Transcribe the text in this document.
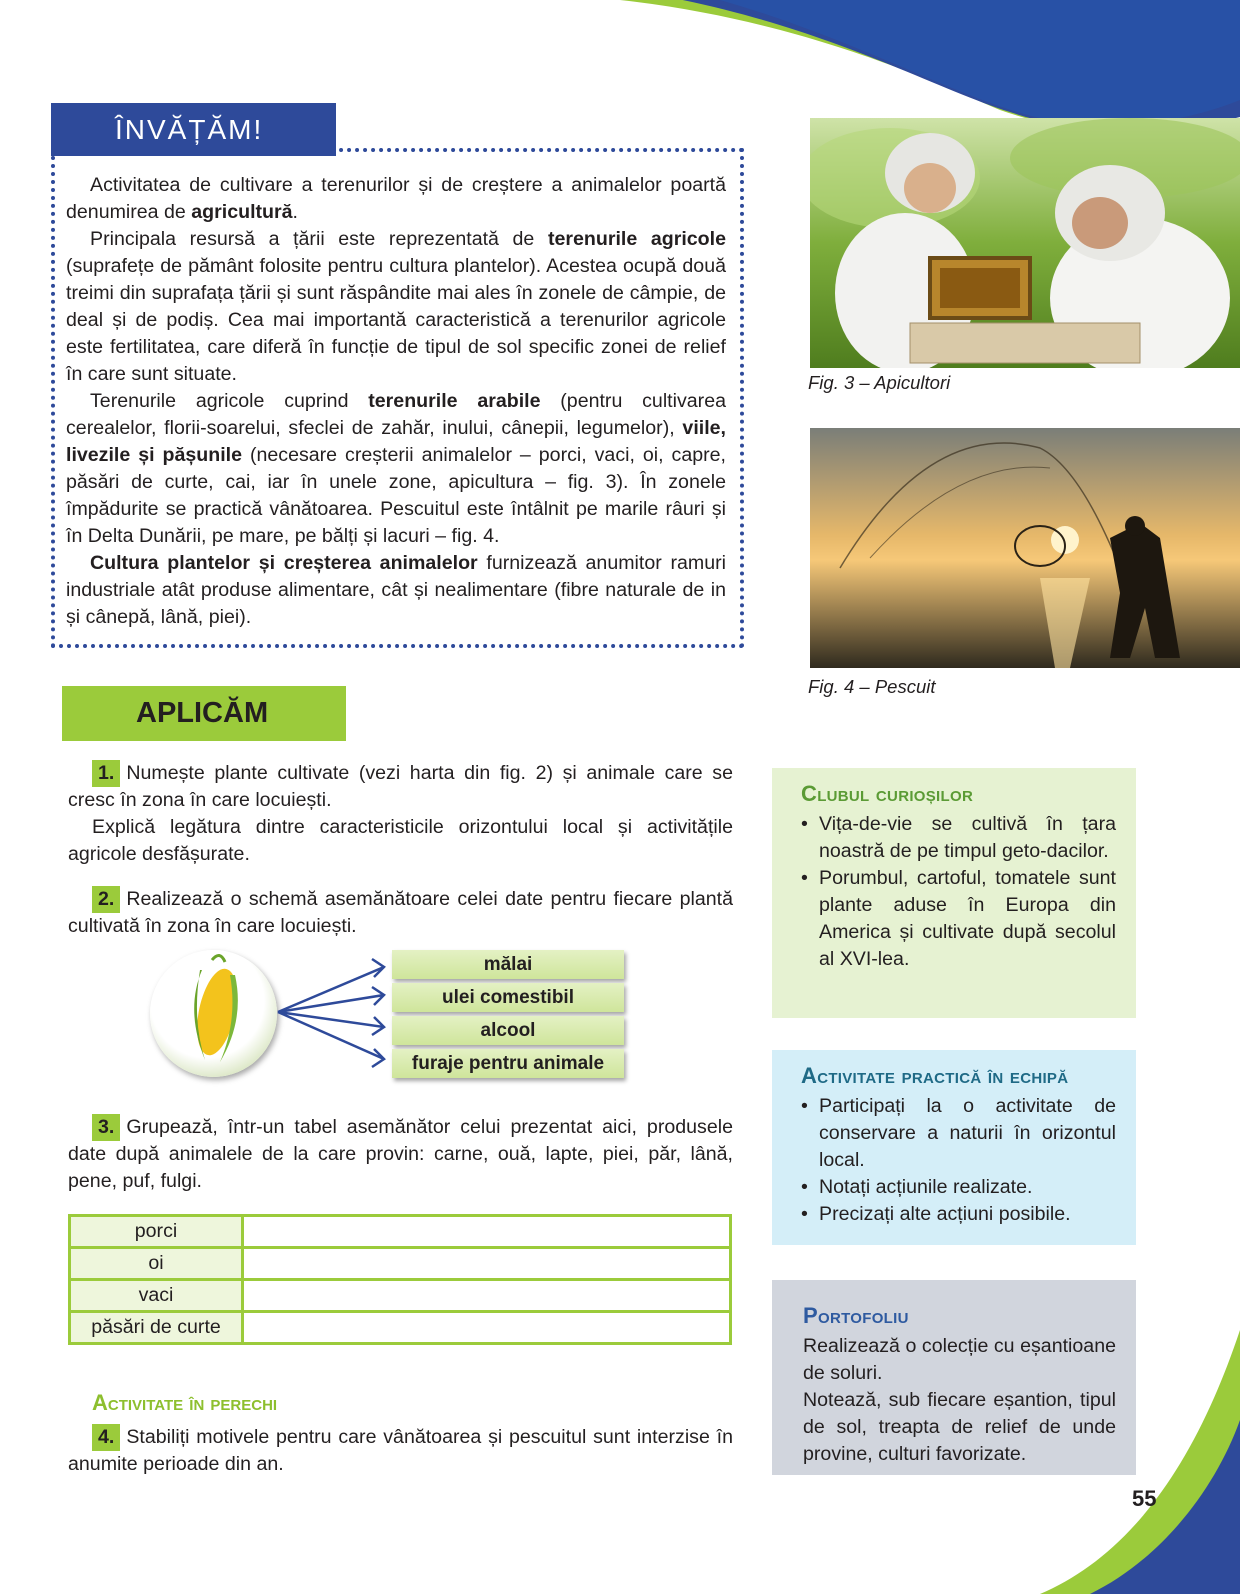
ÎNVĂȚĂM!

Activitatea de cultivare a terenurilor și de creștere a animalelor poartă denumirea de agricultură.

Principala resursă a țării este reprezentată de terenurile agricole (suprafețe de pământ folosite pentru cultura plantelor). Acestea ocupă două treimi din suprafața țării și sunt răspândite mai ales în zonele de câmpie, de deal și de podiș. Cea mai importantă caracteristică a terenurilor agricole este fertilitatea, care diferă în funcție de tipul de sol specific zonei de relief în care sunt situate.

Terenurile agricole cuprind terenurile arabile (pentru cultivarea cerealelor, florii-soarelui, sfeclei de zahăr, inului, cânepii, legumelor), viile, livezile și pășunile (necesare creșterii animalelor – porci, vaci, oi, capre, păsări de curte, cai, iar în unele zone, apicultura – fig. 3). În zonele împădurite se practică vânătoarea. Pescuitul este întâlnit pe marile râuri și în Delta Dunării, pe mare, pe bălți și lacuri – fig. 4.

Cultura plantelor și creșterea animalelor furnizează anumitor ramuri industriale atât produse alimentare, cât și nealimentare (fibre naturale de in și cânepă, lână, piei).

Fig. 3 – Apicultori
Fig. 4 – Pescuit
APLICĂM

1. Numește plante cultivate (vezi harta din fig. 2) și animale care se cresc în zona în care locuiești.

Explică legătura dintre caracteristicile orizontului local și activitățile agricole desfășurate.

2. Realizează o schemă asemănătoare celei date pentru fiecare plantă cultivată în zona în care locuiești.

mălai
ulei comestibil
alcool
furaje pentru animale

3. Grupează, într-un tabel asemănător celui prezentat aici, produsele date după animalele de la care provin: carne, ouă, lapte, piei, păr, lână, pene, puf, fulgi.

porci	
oi	
vaci	
păsări de curte	
Activitate în perechi

4. Stabiliți motivele pentru care vânătoarea și pescuitul sunt interzise în anumite perioade din an.

Clubul curioșilor
• Vița-de-vie se cultivă în țara noastră de pe timpul geto-dacilor.
• Porumbul, cartoful, tomatele sunt plante aduse în Europa din America și cultivate după secolul al XVI-lea.
Activitate practică în echipă
• Participați la o activitate de conservare a naturii în orizontul local.
• Notați acțiunile realizate.
• Precizați alte acțiuni posibile.
Portofoliu

Realizează o colecție cu eșantioane de soluri.

Notează, sub fiecare eșantion, tipul de sol, treapta de relief de unde provine, culturi favorizate.

55
